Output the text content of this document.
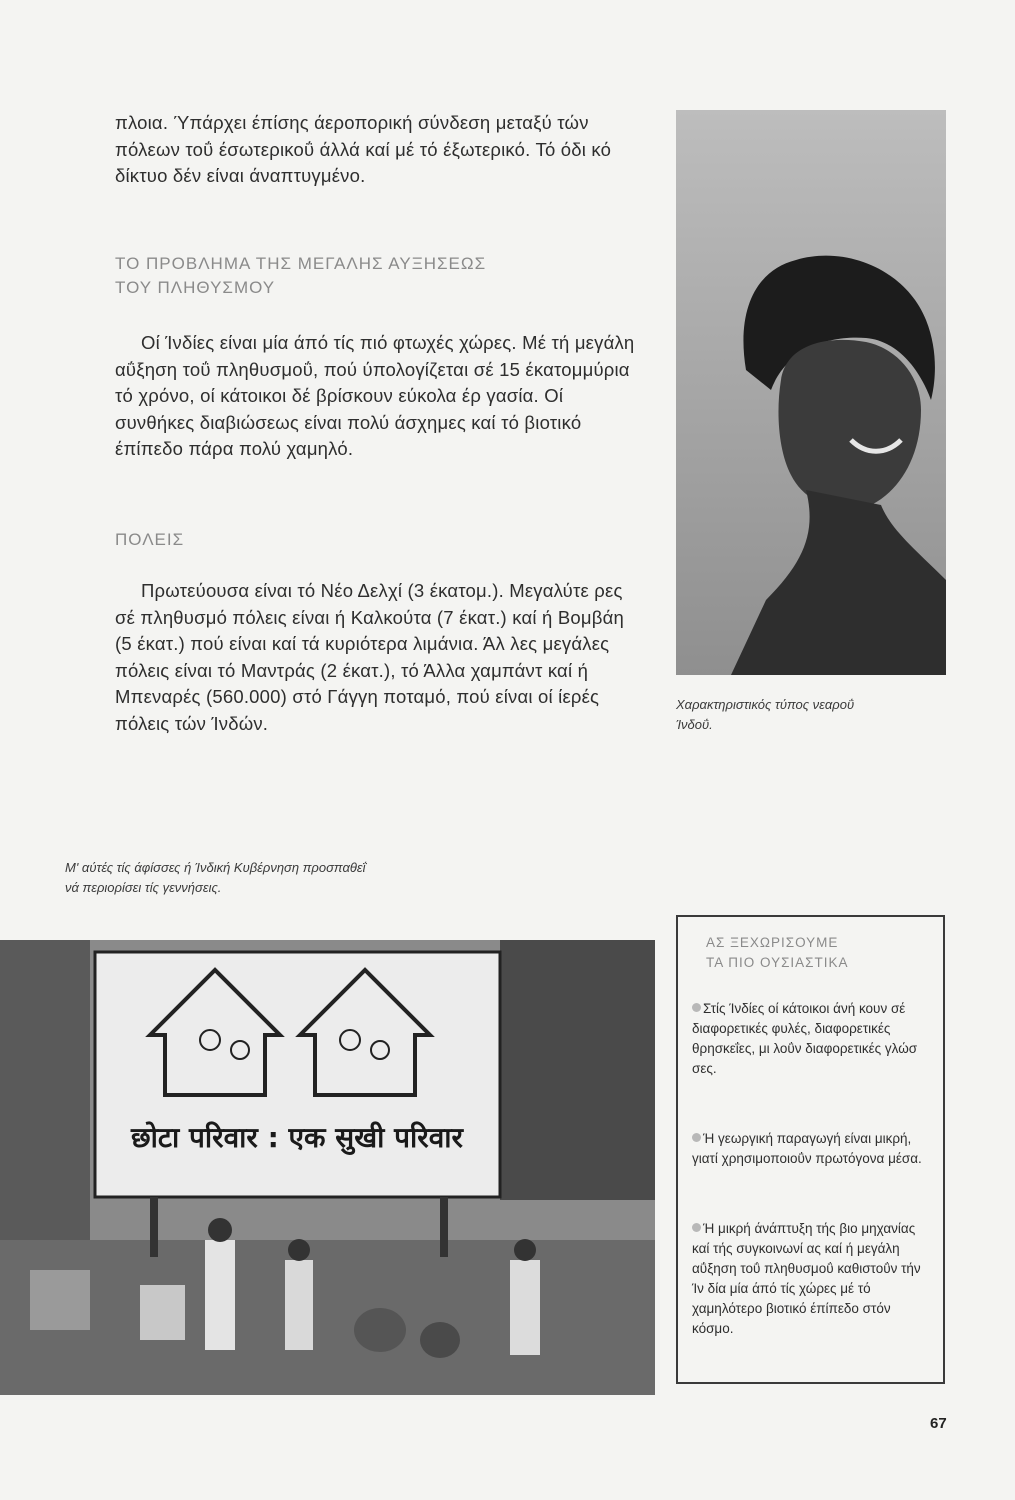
πλοια. Ύπάρχει έπίσης άεροπορική σύνδεση μεταξύ τών πόλεων τοΰ έσωτερικοΰ άλλά καί μέ τό έξωτερικό. Τό όδι κό δίκτυο δέν είναι άναπτυγμένο.
ΤΟ ΠΡΟΒΛΗΜΑ ΤΗΣ ΜΕΓΑΛΗΣ ΑΥΞΗΣΕΩΣ
ΤΟΥ ΠΛΗΘΥΣΜΟΥ
Οί Ίνδίες είναι μία άπό τίς πιό φτωχές χώρες. Μέ τή μεγάλη αΰξηση τοΰ πληθυσμοΰ, πού ύπολογίζεται σέ 15 έκατομμύρια τό χρόνο, οί κάτοικοι δέ βρίσκουν εύκολα έρ γασία. Οί συνθήκες διαβιώσεως είναι πολύ άσχημες καί τό βιοτικό έπίπεδο πάρα πολύ χαμηλό.
ΠΟΛΕΙΣ
Πρωτεύουσα είναι τό Νέο Δελχί (3 έκατομ.). Μεγαλύτε ρες σέ πληθυσμό πόλεις είναι ή Καλκούτα (7 έκατ.) καί ή Βομβάη (5 έκατ.) πού είναι καί τά κυριότερα λιμάνια. Άλ λες μεγάλες πόλεις είναι τό Μαντράς (2 έκατ.), τό Άλλα χαμπάντ καί ή Μπεναρές (560.000) στό Γάγγη ποταμό, πού είναι οί ίερές πόλεις τών Ίνδών.
Χαρακτηριστικός τύπος νεαροΰ
Ίνδοΰ.
Μ' αύτές τίς άφίσσες ή Ίνδική Κυβέρνηση προσπαθεΐ
νά περιορίσει τίς γεννήσεις.
छोटा परिवार : एक सुखी परिवार
ΑΣ ΞΕΧΩΡΙΣΟΥΜΕ
ΤΑ ΠΙΟ ΟΥΣΙΑΣΤΙΚΑ
Στίς Ίνδίες οί κάτοικοι άνή κουν σέ διαφορετικές φυλές, διαφορετικές θρησκεΐες, μι λοΰν διαφορετικές γλώσ σες.
Ή γεωργική παραγωγή είναι μικρή, γιατί χρησιμοποιοΰν πρωτόγονα μέσα.
Ή μικρή άνάπτυξη τής βιο μηχανίας καί τής συγκοινωνί ας καί ή μεγάλη αΰξηση τοΰ πληθυσμοΰ καθιστοΰν τήν Ίν δία μία άπό τίς χώρες μέ τό χαμηλότερο βιοτικό έπίπεδο στόν κόσμο.
67
